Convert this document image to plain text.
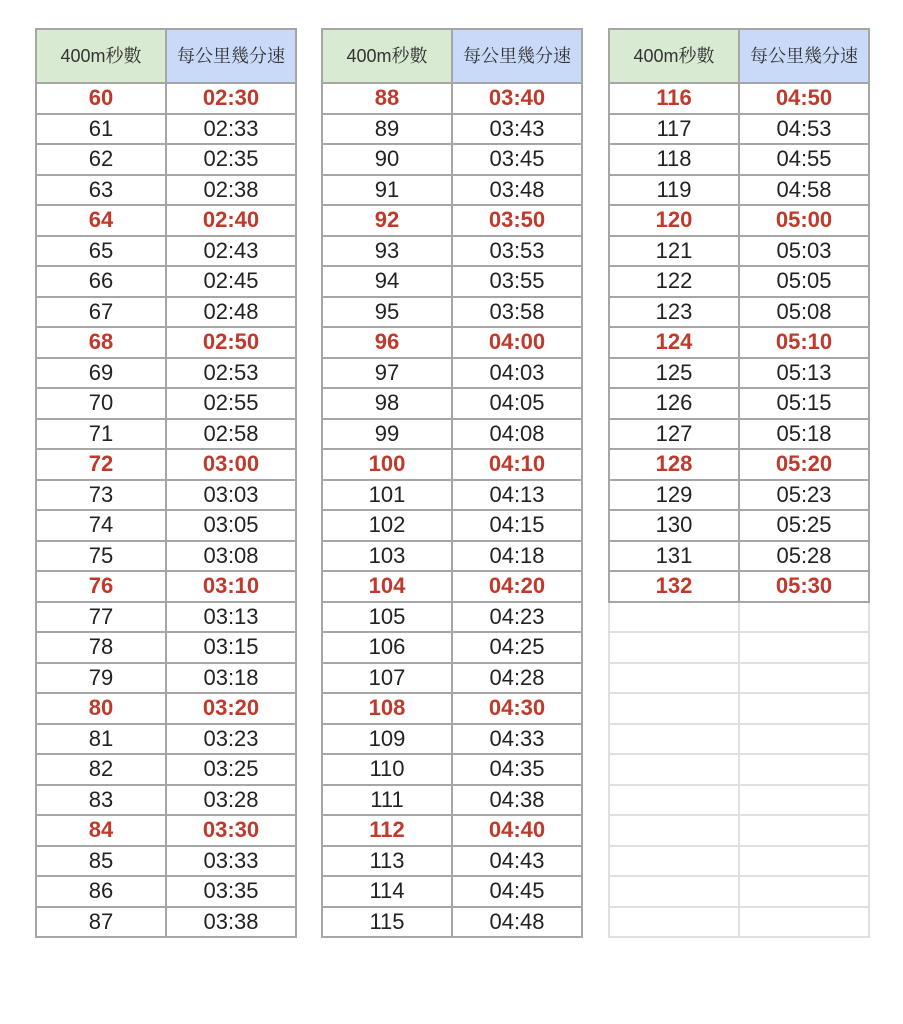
400m秒數	每公里幾分速
60	02:30
61	02:33
62	02:35
63	02:38
64	02:40
65	02:43
66	02:45
67	02:48
68	02:50
69	02:53
70	02:55
71	02:58
72	03:00
73	03:03
74	03:05
75	03:08
76	03:10
77	03:13
78	03:15
79	03:18
80	03:20
81	03:23
82	03:25
83	03:28
84	03:30
85	03:33
86	03:35
87	03:38
400m秒數	每公里幾分速
88	03:40
89	03:43
90	03:45
91	03:48
92	03:50
93	03:53
94	03:55
95	03:58
96	04:00
97	04:03
98	04:05
99	04:08
100	04:10
101	04:13
102	04:15
103	04:18
104	04:20
105	04:23
106	04:25
107	04:28
108	04:30
109	04:33
110	04:35
111	04:38
112	04:40
113	04:43
114	04:45
115	04:48
400m秒數	每公里幾分速
116	04:50
117	04:53
118	04:55
119	04:58
120	05:00
121	05:03
122	05:05
123	05:08
124	05:10
125	05:13
126	05:15
127	05:18
128	05:20
129	05:23
130	05:25
131	05:28
132	05:30
